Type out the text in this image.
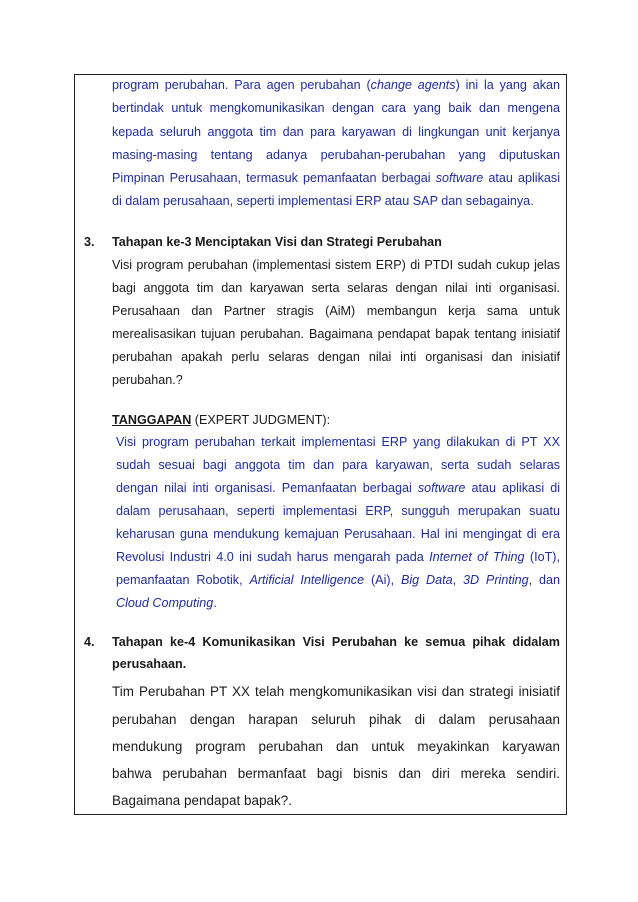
program perubahan. Para agen perubahan (change agents) ini la yang akan
bertindak untuk mengkomunikasikan dengan cara yang baik dan mengena
kepada seluruh anggota tim dan para karyawan di lingkungan unit kerjanya
masing-masing tentang adanya perubahan-perubahan yang diputuskan
Pimpinan Perusahaan, termasuk pemanfaatan berbagai software atau aplikasi
di dalam perusahaan, seperti implementasi ERP atau SAP dan sebagainya.
3. Tahapan ke-3 Menciptakan Visi dan Strategi Perubahan
Visi program perubahan (implementasi sistem ERP) di PTDI sudah cukup jelas
bagi anggota tim dan karyawan serta selaras dengan nilai inti organisasi.
Perusahaan dan Partner stragis (AiM) membangun kerja sama untuk
merealisasikan tujuan perubahan. Bagaimana pendapat bapak tentang inisiatif
perubahan apakah perlu selaras dengan nilai inti organisasi dan inisiatif
perubahan.?
TANGGAPAN (EXPERT JUDGMENT):
Visi program perubahan terkait implementasi ERP yang dilakukan di PT XX
sudah sesuai bagi anggota tim dan para karyawan, serta sudah selaras
dengan nilai inti organisasi. Pemanfaatan berbagai software atau aplikasi di
dalam perusahaan, seperti implementasi ERP, sungguh merupakan suatu
keharusan guna mendukung kemajuan Perusahaan. Hal ini mengingat di era
Revolusi Industri 4.0 ini sudah harus mengarah pada Internet of Thing (IoT),
pemanfaatan Robotik, Artificial Intelligence (Ai), Big Data, 3D Printing, dan
Cloud Computing.
4. Tahapan ke-4 Komunikasikan Visi Perubahan ke semua pihak didalam
perusahaan.
Tim Perubahan PT XX telah mengkomunikasikan visi dan strategi inisiatif
perubahan dengan harapan seluruh pihak di dalam perusahaan
mendukung program perubahan dan untuk meyakinkan karyawan
bahwa perubahan bermanfaat bagi bisnis dan diri mereka sendiri.
Bagaimana pendapat bapak?.
